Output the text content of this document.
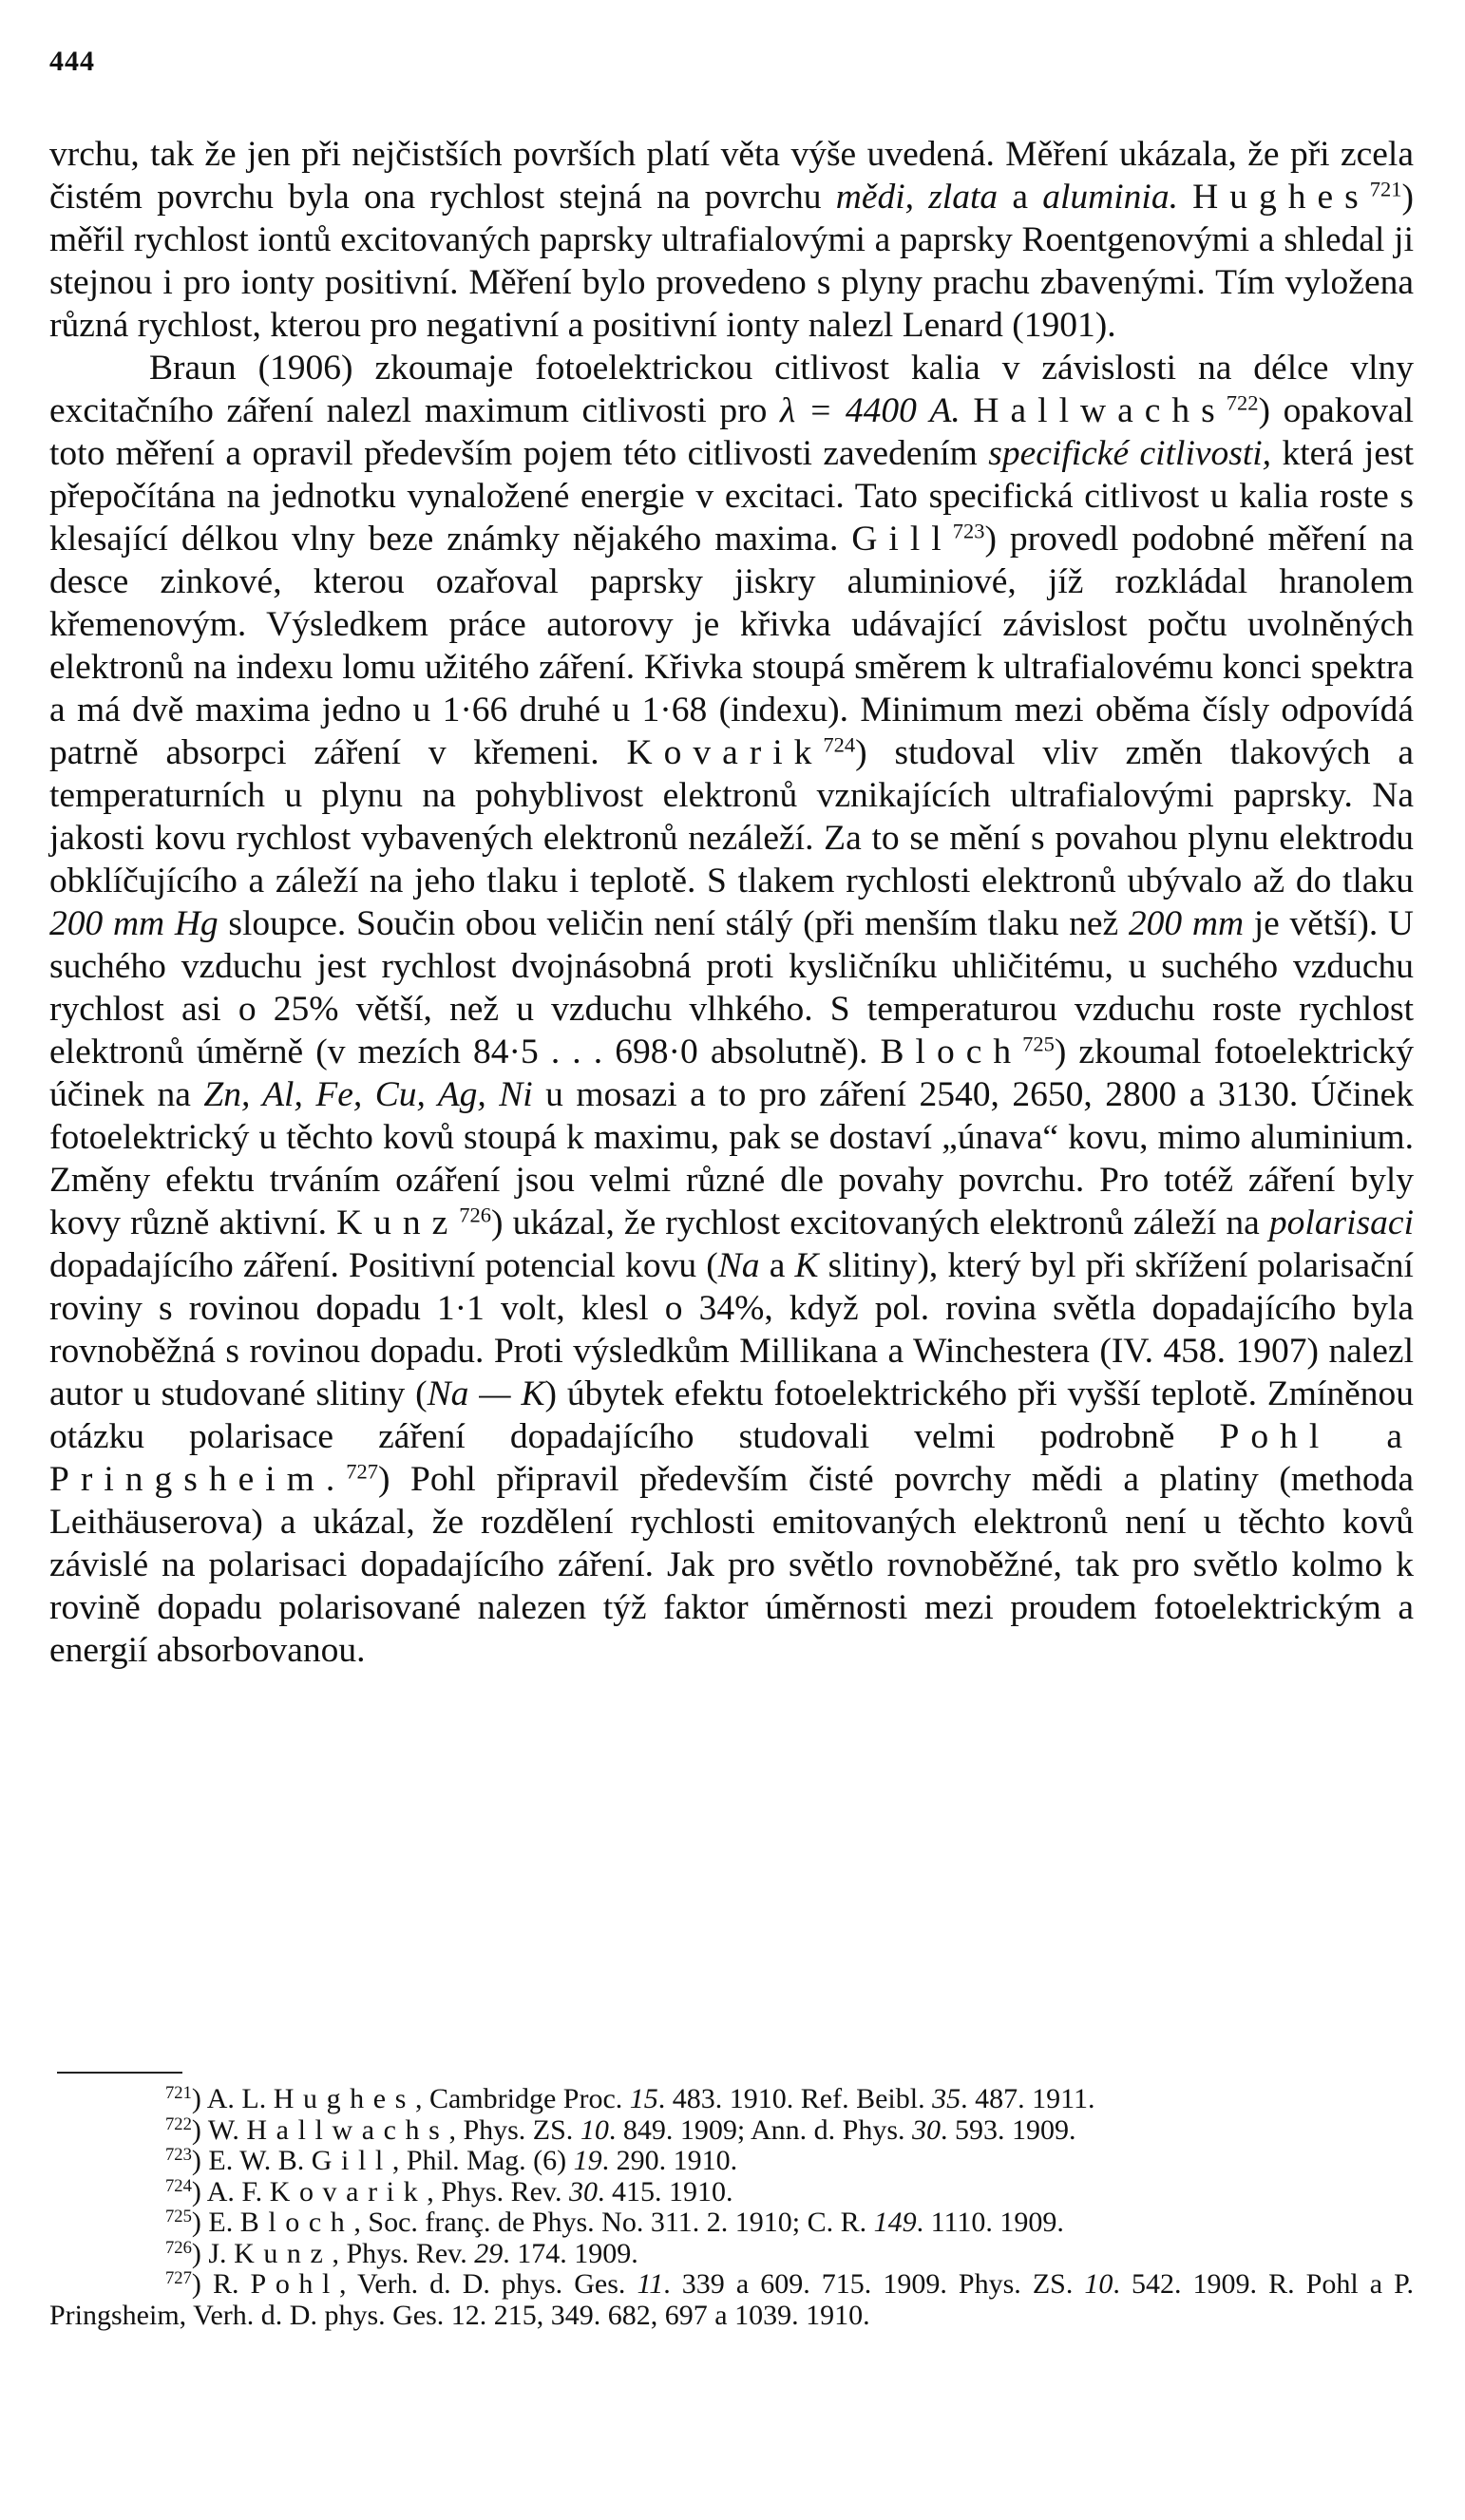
444

vrchu, tak že jen při nejčistších površích platí věta výše uvedená. Měření ukázala, že při zcela čistém povrchu byla ona rychlost stejná na povrchu mědi, zlata a aluminia. Hughes$^{721}$) měřil rychlost iontů excitovaných paprsky ultrafialovými a paprsky Roentgenovými a shledal ji stejnou i pro ionty positivní. Měření bylo provedeno s plyny prachu zbavenými. Tím vyložena různá rychlost, kterou pro negativní a positivní ionty nalezl Lenard (1901).

Braun (1906) zkoumaje fotoelektrickou citlivost kalia v závislosti na délce vlny excitačního záření nalezl maximum citlivosti pro λ = 4400 A. Hallwachs$^{722}$) opakoval toto měření a opravil především pojem této citlivosti zavedením specifické citlivosti, která jest přepočítána na jednotku vynaložené energie v excitaci. Tato specifická citlivost u kalia roste s klesající délkou vlny beze známky nějakého maxima. Gill$^{723}$) provedl podobné měření na desce zinkové, kterou ozařoval paprsky jiskry aluminiové, jíž rozkládal hranolem křemenovým. Výsledkem práce autorovy je křivka udávající závislost počtu uvolněných elektronů na indexu lomu užitého záření. Křivka stoupá směrem k ultrafialovému konci spektra a má dvě maxima jedno u 1·66 druhé u 1·68 (indexu). Minimum mezi oběma čísly odpovídá patrně absorpci záření v křemeni. Kovarik$^{724}$) studoval vliv změn tlakových a temperaturních u plynu na pohyblivost elektronů vznikajících ultrafialovými paprsky. Na jakosti kovu rychlost vybavených elektronů nezáleží. Za to se mění s povahou plynu elektrodu obklíčujícího a záleží na jeho tlaku i teplotě. S tlakem rychlosti elektronů ubývalo až do tlaku 200 mm Hg sloupce. Součin obou veličin není stálý (při menším tlaku než 200 mm je větší). U suchého vzduchu jest rychlost dvojnásobná proti kysličníku uhličitému, u suchého vzduchu rychlost asi o 25% větší, než u vzduchu vlhkého. S temperaturou vzduchu roste rychlost elektronů úměrně (v mezích 84·5 . . . 698·0 absolutně). Bloch$^{725}$) zkoumal fotoelektrický účinek na Zn, Al, Fe, Cu, Ag, Ni u mosazi a to pro záření 2540, 2650, 2800 a 3130. Účinek fotoelektrický u těchto kovů stoupá k maximu, pak se dostaví „únava“ kovu, mimo aluminium. Změny efektu trváním ozáření jsou velmi různé dle povahy povrchu. Pro totéž záření byly kovy různě aktivní. Kunz$^{726}$) ukázal, že rychlost excitovaných elektronů záleží na polarisaci dopadajícího záření. Positivní potencial kovu (Na a K slitiny), který byl při skřížení polarisační roviny s rovinou dopadu 1·1 volt, klesl o 34%, když pol. rovina světla dopadajícího byla rovnoběžná s rovinou dopadu. Proti výsledkům Millikana a Winchestera (IV. 458. 1907) nalezl autor u studované slitiny (Na — K) úbytek efektu fotoelektrického při vyšší teplotě. Zmíněnou otázku polarisace záření dopadajícího studovali velmi podrobně Pohl a Pringsheim.$^{727}$) Pohl připravil především čisté povrchy mědi a platiny (methoda Leithäuserova) a ukázal, že rozdělení rychlosti emitovaných elektronů není u těchto kovů závislé na polarisaci dopadajícího záření. Jak pro světlo rovnoběžné, tak pro světlo kolmo k rovině dopadu polarisované nalezen týž faktor úměrnosti mezi proudem fotoelektrickým a energií absorbovanou.

$^{721}$) A. L. Hughes, Cambridge Proc. 15. 483. 1910. Ref. Beibl. 35. 487. 1911.

$^{722}$) W. Hallwachs, Phys. ZS. 10. 849. 1909; Ann. d. Phys. 30. 593. 1909.

$^{723}$) E. W. B. Gill, Phil. Mag. (6) 19. 290. 1910.

$^{724}$) A. F. Kovarik, Phys. Rev. 30. 415. 1910.

$^{725}$) E. Bloch, Soc. franç. de Phys. No. 311. 2. 1910; C. R. 149. 1110. 1909.

$^{726}$) J. Kunz, Phys. Rev. 29. 174. 1909.

$^{727}$) R. Pohl, Verh. d. D. phys. Ges. 11. 339 a 609. 715. 1909. Phys. ZS. 10. 542. 1909. R. Pohl a P. Pringsheim, Verh. d. D. phys. Ges. 12. 215, 349. 682, 697 a 1039. 1910.
